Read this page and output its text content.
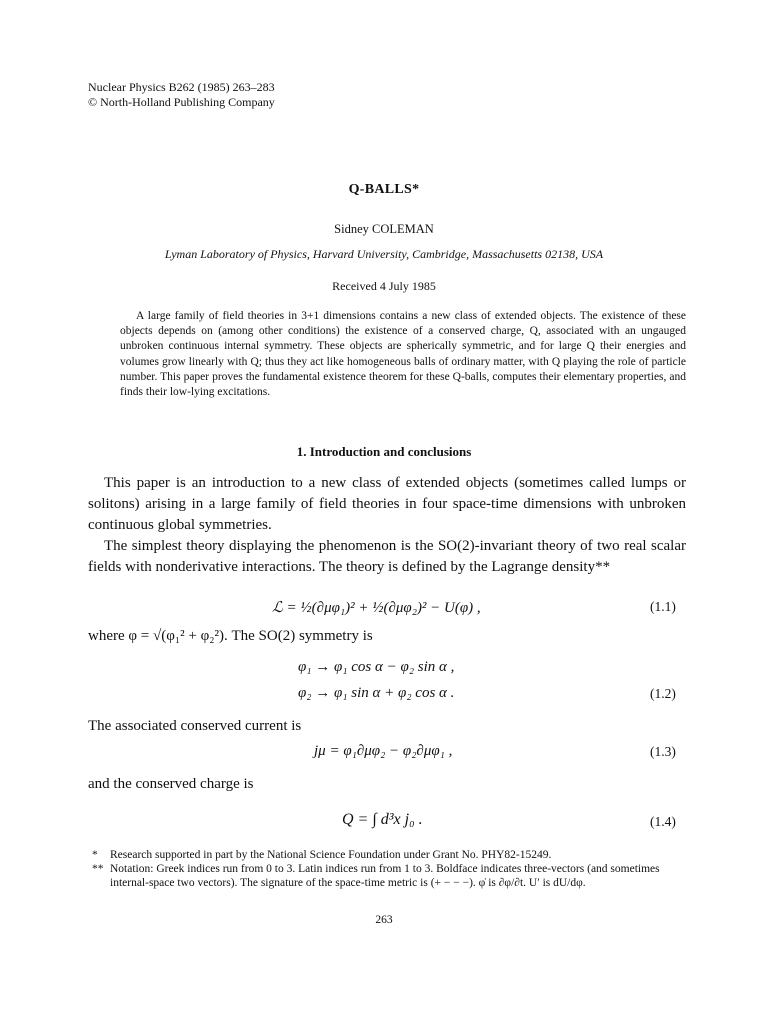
Nuclear Physics B262 (1985) 263–283
© North-Holland Publishing Company
Q-BALLS*
Sidney COLEMAN
Lyman Laboratory of Physics, Harvard University, Cambridge, Massachusetts 02138, USA
Received 4 July 1985
A large family of field theories in 3+1 dimensions contains a new class of extended objects. The existence of these objects depends on (among other conditions) the existence of a conserved charge, Q, associated with an ungauged unbroken continuous internal symmetry. These objects are spherically symmetric, and for large Q their energies and volumes grow linearly with Q; thus they act like homogeneous balls of ordinary matter, with Q playing the role of particle number. This paper proves the fundamental existence theorem for these Q-balls, computes their elementary properties, and finds their low-lying excitations.
1. Introduction and conclusions
This paper is an introduction to a new class of extended objects (sometimes called lumps or solitons) arising in a large family of field theories in four space-time dimensions with unbroken continuous global symmetries.
The simplest theory displaying the phenomenon is the SO(2)-invariant theory of two real scalar fields with nonderivative interactions. The theory is defined by the Lagrange density**
ℒ = ½(∂μφ₁)² + ½(∂μφ₂)² − U(φ) ,	(1.1)
where φ = √(φ₁² + φ₂²). The SO(2) symmetry is
φ₁ → φ₁ cos α − φ₂ sin α ,
φ₂ → φ₁ sin α + φ₂ cos α .	(1.2)
The associated conserved current is
jμ = φ₁∂μφ₂ − φ₂∂μφ₁ ,	(1.3)
and the conserved charge is
Q = ∫ d³x j₀ .	(1.4)
* Research supported in part by the National Science Foundation under Grant No. PHY82-15249.
** Notation: Greek indices run from 0 to 3. Latin indices run from 1 to 3. Boldface indicates three-vectors (and sometimes internal-space two vectors). The signature of the space-time metric is (+ − − −). φ̇ is ∂φ/∂t. U′ is dU/dφ.
263
